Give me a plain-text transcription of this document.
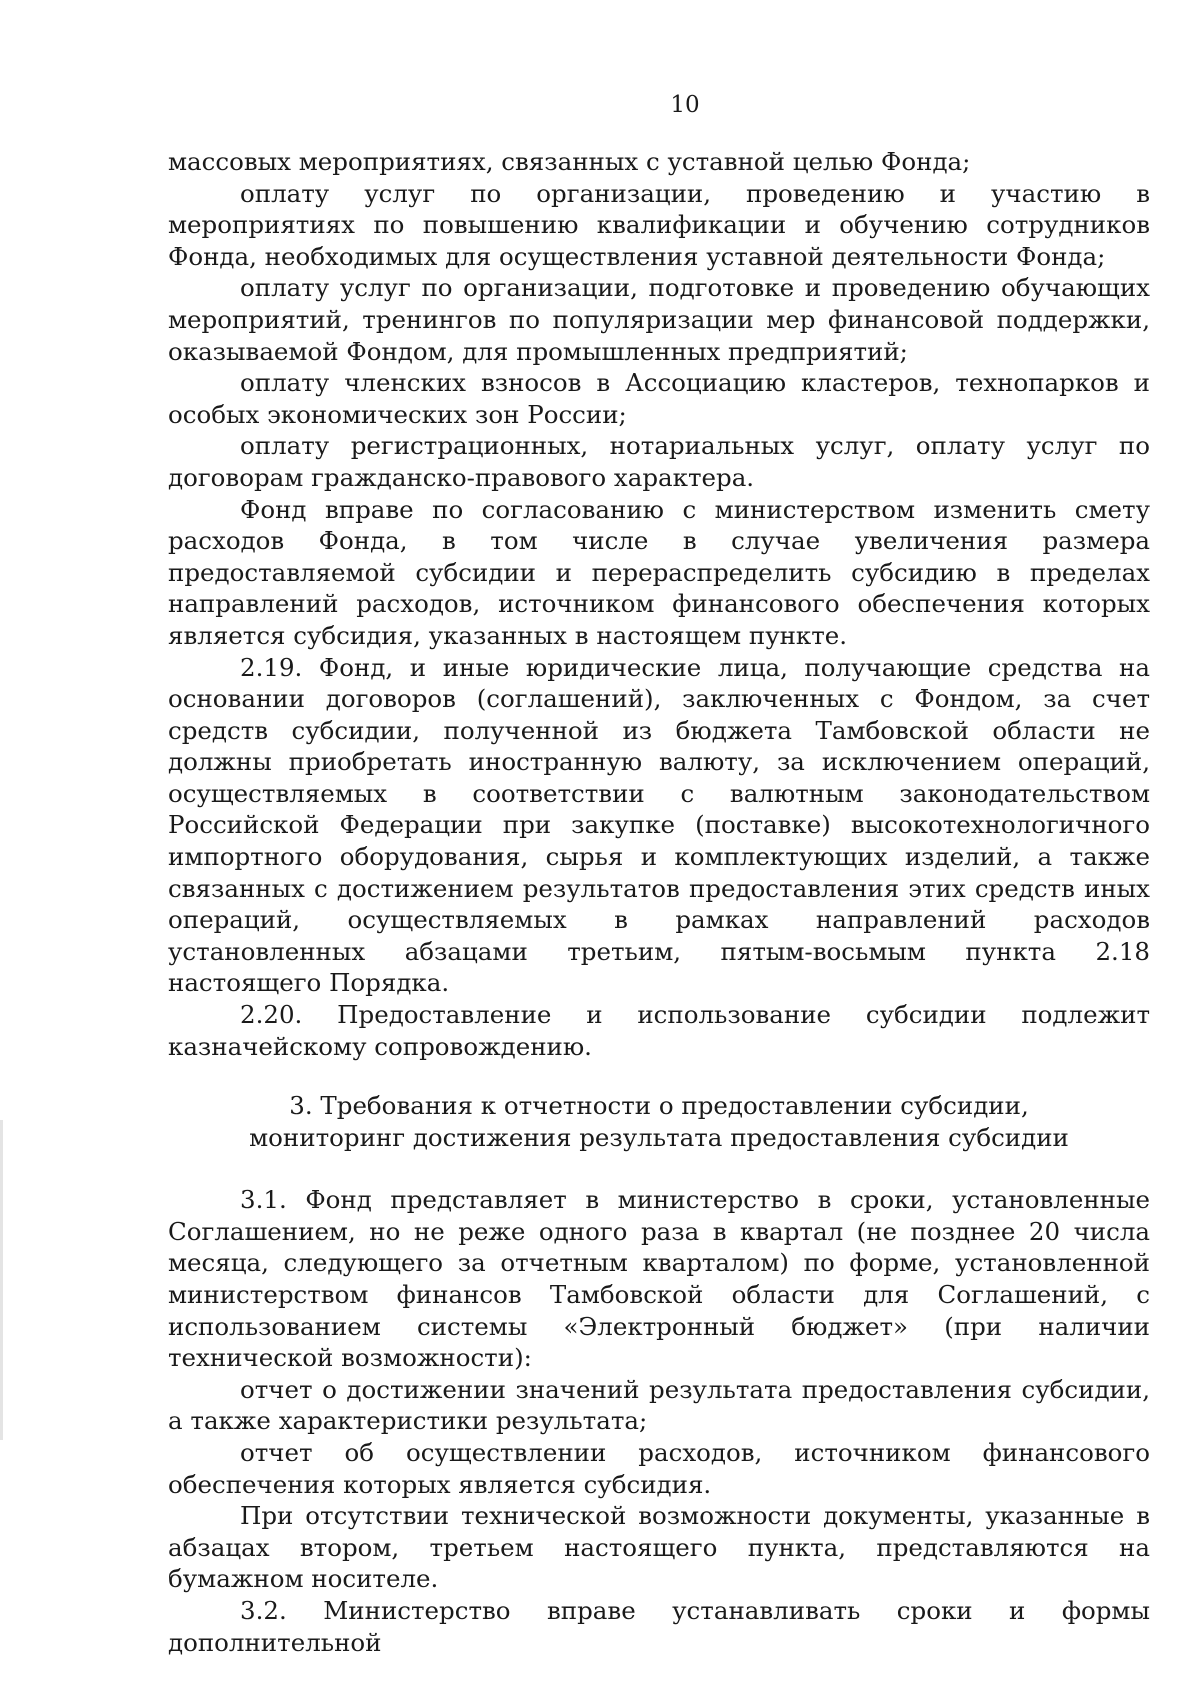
10

массовых мероприятиях, связанных с уставной целью Фонда;

оплату услуг по организации, проведению и участию в мероприятиях по повышению квалификации и обучению сотрудников Фонда, необходимых для осуществления уставной деятельности Фонда;

оплату услуг по организации, подготовке и проведению обучающих мероприятий, тренингов по популяризации мер финансовой поддержки, оказываемой Фондом, для промышленных предприятий;

оплату членских взносов в Ассоциацию кластеров, технопарков и особых экономических зон России;

оплату регистрационных, нотариальных услуг, оплату услуг по договорам гражданско-правового характера.

Фонд вправе по согласованию с министерством изменить смету расходов Фонда, в том числе в случае увеличения размера предоставляемой субсидии и перераспределить субсидию в пределах направлений расходов, источником финансового обеспечения которых является субсидия, указанных в настоящем пункте.

2.19. Фонд, и иные юридические лица, получающие средства на основании договоров (соглашений), заключенных с Фондом, за счет средств субсидии, полученной из бюджета Тамбовской области не должны приобретать иностранную валюту, за исключением операций, осуществляемых в соответствии с валютным законодательством Российской Федерации при закупке (поставке) высокотехнологичного импортного оборудования, сырья и комплектующих изделий, а также связанных с достижением результатов предоставления этих средств иных операций, осуществляемых в рамках направлений расходов установленных абзацами третьим, пятым-восьмым пункта 2.18 настоящего Порядка.

2.20. Предоставление и использование субсидии подлежит казначейскому сопровождению.

3. Требования к отчетности о предоставлении субсидии,
мониторинг достижения результата предоставления субсидии

3.1. Фонд представляет в министерство в сроки, установленные Соглашением, но не реже одного раза в квартал (не позднее 20 числа месяца, следующего за отчетным кварталом) по форме, установленной министерством финансов Тамбовской области для Соглашений, с использованием системы «Электронный бюджет» (при наличии технической возможности):

отчет о достижении значений результата предоставления субсидии, а также характеристики результата;

отчет об осуществлении расходов, источником финансового обеспечения которых является субсидия.

При отсутствии технической возможности документы, указанные в абзацах втором, третьем настоящего пункта, представляются на бумажном носителе.

3.2. Министерство вправе устанавливать сроки и формы дополнительной
